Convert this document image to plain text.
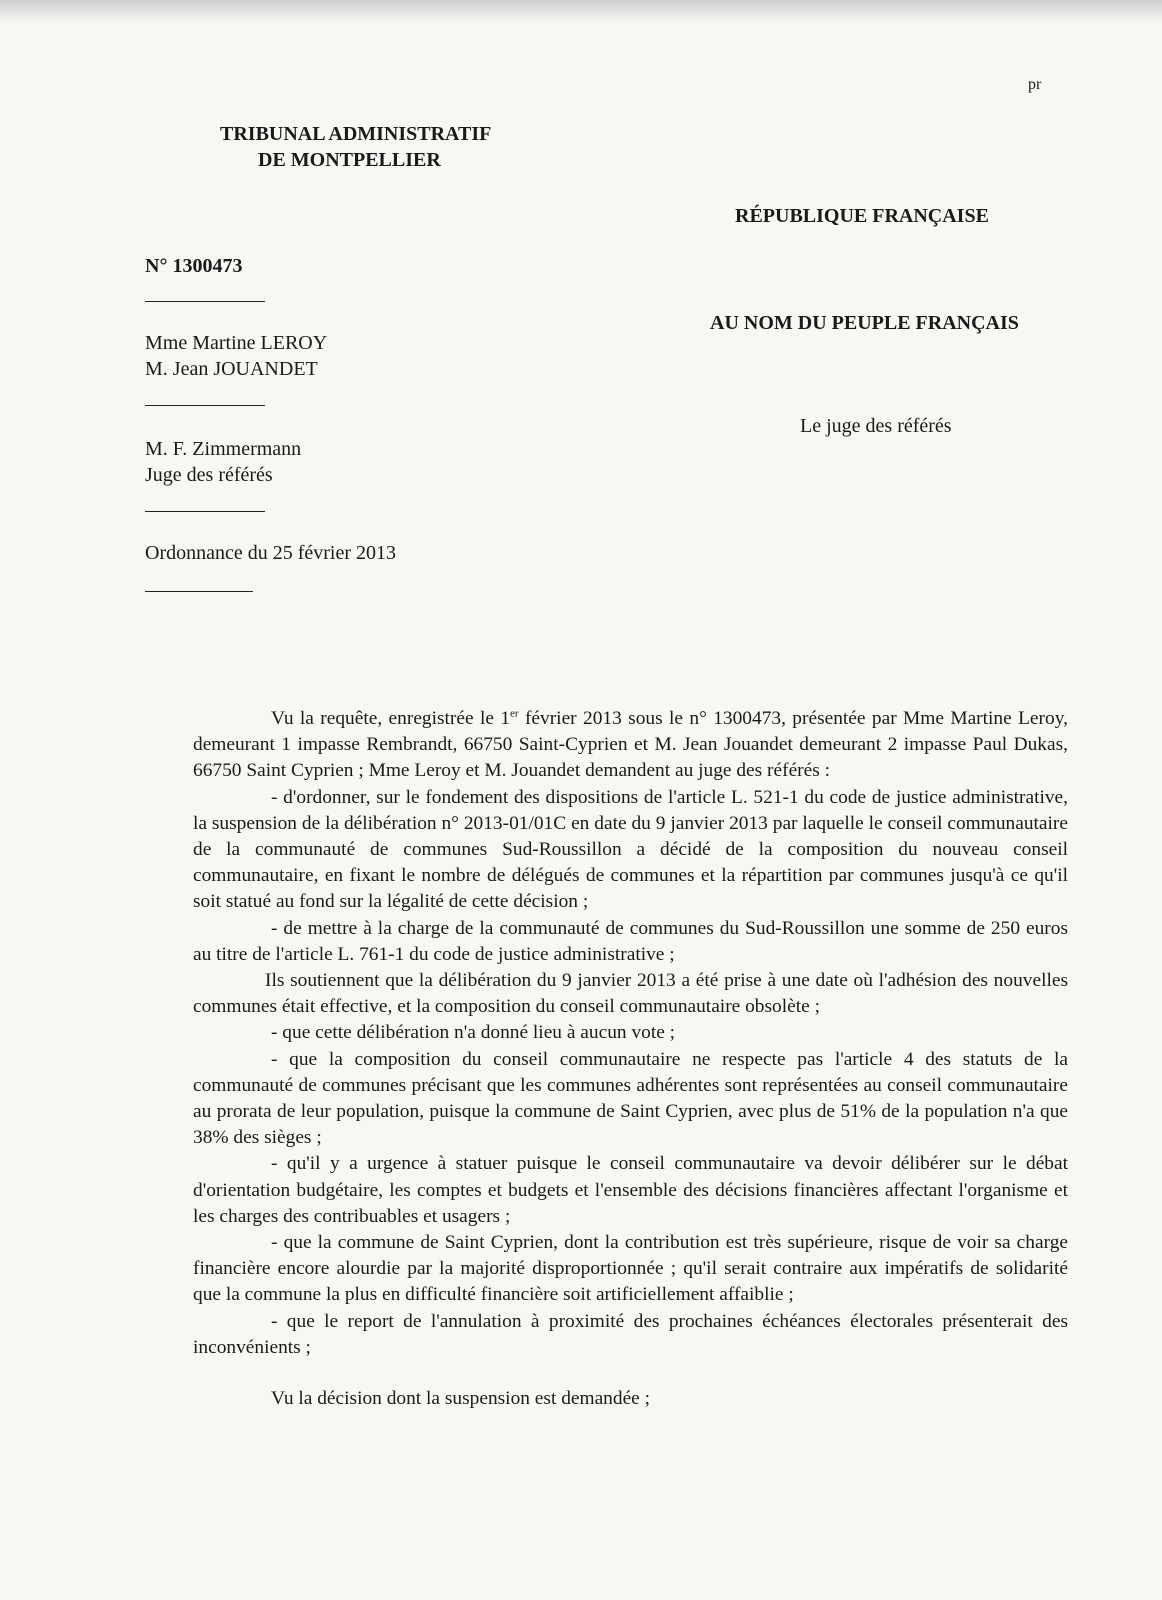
pr
TRIBUNAL ADMINISTRATIF
DE MONTPELLIER
RÉPUBLIQUE FRANÇAISE
N° 1300473
AU NOM DU PEUPLE FRANÇAIS
Mme Martine LEROY
M. Jean JOUANDET
Le juge des référés
M. F. Zimmermann
Juge des référés
Ordonnance du 25 février 2013

Vu la requête, enregistrée le 1er février 2013 sous le n° 1300473, présentée par Mme Martine Leroy, demeurant 1 impasse Rembrandt, 66750 Saint-Cyprien et M. Jean Jouandet demeurant 2 impasse Paul Dukas, 66750 Saint Cyprien ; Mme Leroy et M. Jouandet demandent au juge des référés :

- d'ordonner, sur le fondement des dispositions de l'article L. 521-1 du code de justice administrative, la suspension de la délibération n° 2013-01/01C en date du 9 janvier 2013 par laquelle le conseil communautaire de la communauté de communes Sud-Roussillon a décidé de la composition du nouveau conseil communautaire, en fixant le nombre de délégués de communes et la répartition par communes jusqu'à ce qu'il soit statué au fond sur la légalité de cette décision ;

- de mettre à la charge de la communauté de communes du Sud-Roussillon une somme de 250 euros au titre de l'article L. 761-1 du code de justice administrative ;

Ils soutiennent que la délibération du 9 janvier 2013 a été prise à une date où l'adhésion des nouvelles communes était effective, et la composition du conseil communautaire obsolète ;

- que cette délibération n'a donné lieu à aucun vote ;

- que la composition du conseil communautaire ne respecte pas l'article 4 des statuts de la communauté de communes précisant que les communes adhérentes sont représentées au conseil communautaire au prorata de leur population, puisque la commune de Saint Cyprien, avec plus de 51% de la population n'a que 38% des sièges ;

- qu'il y a urgence à statuer puisque le conseil communautaire va devoir délibérer sur le débat d'orientation budgétaire, les comptes et budgets et l'ensemble des décisions financières affectant l'organisme et les charges des contribuables et usagers ;

- que la commune de Saint Cyprien, dont la contribution est très supérieure, risque de voir sa charge financière encore alourdie par la majorité disproportionnée ; qu'il serait contraire aux impératifs de solidarité que la commune la plus en difficulté financière soit artificiellement affaiblie ;

- que le report de l'annulation à proximité des prochaines échéances électorales présenterait des inconvénients ;

Vu la décision dont la suspension est demandée ;
